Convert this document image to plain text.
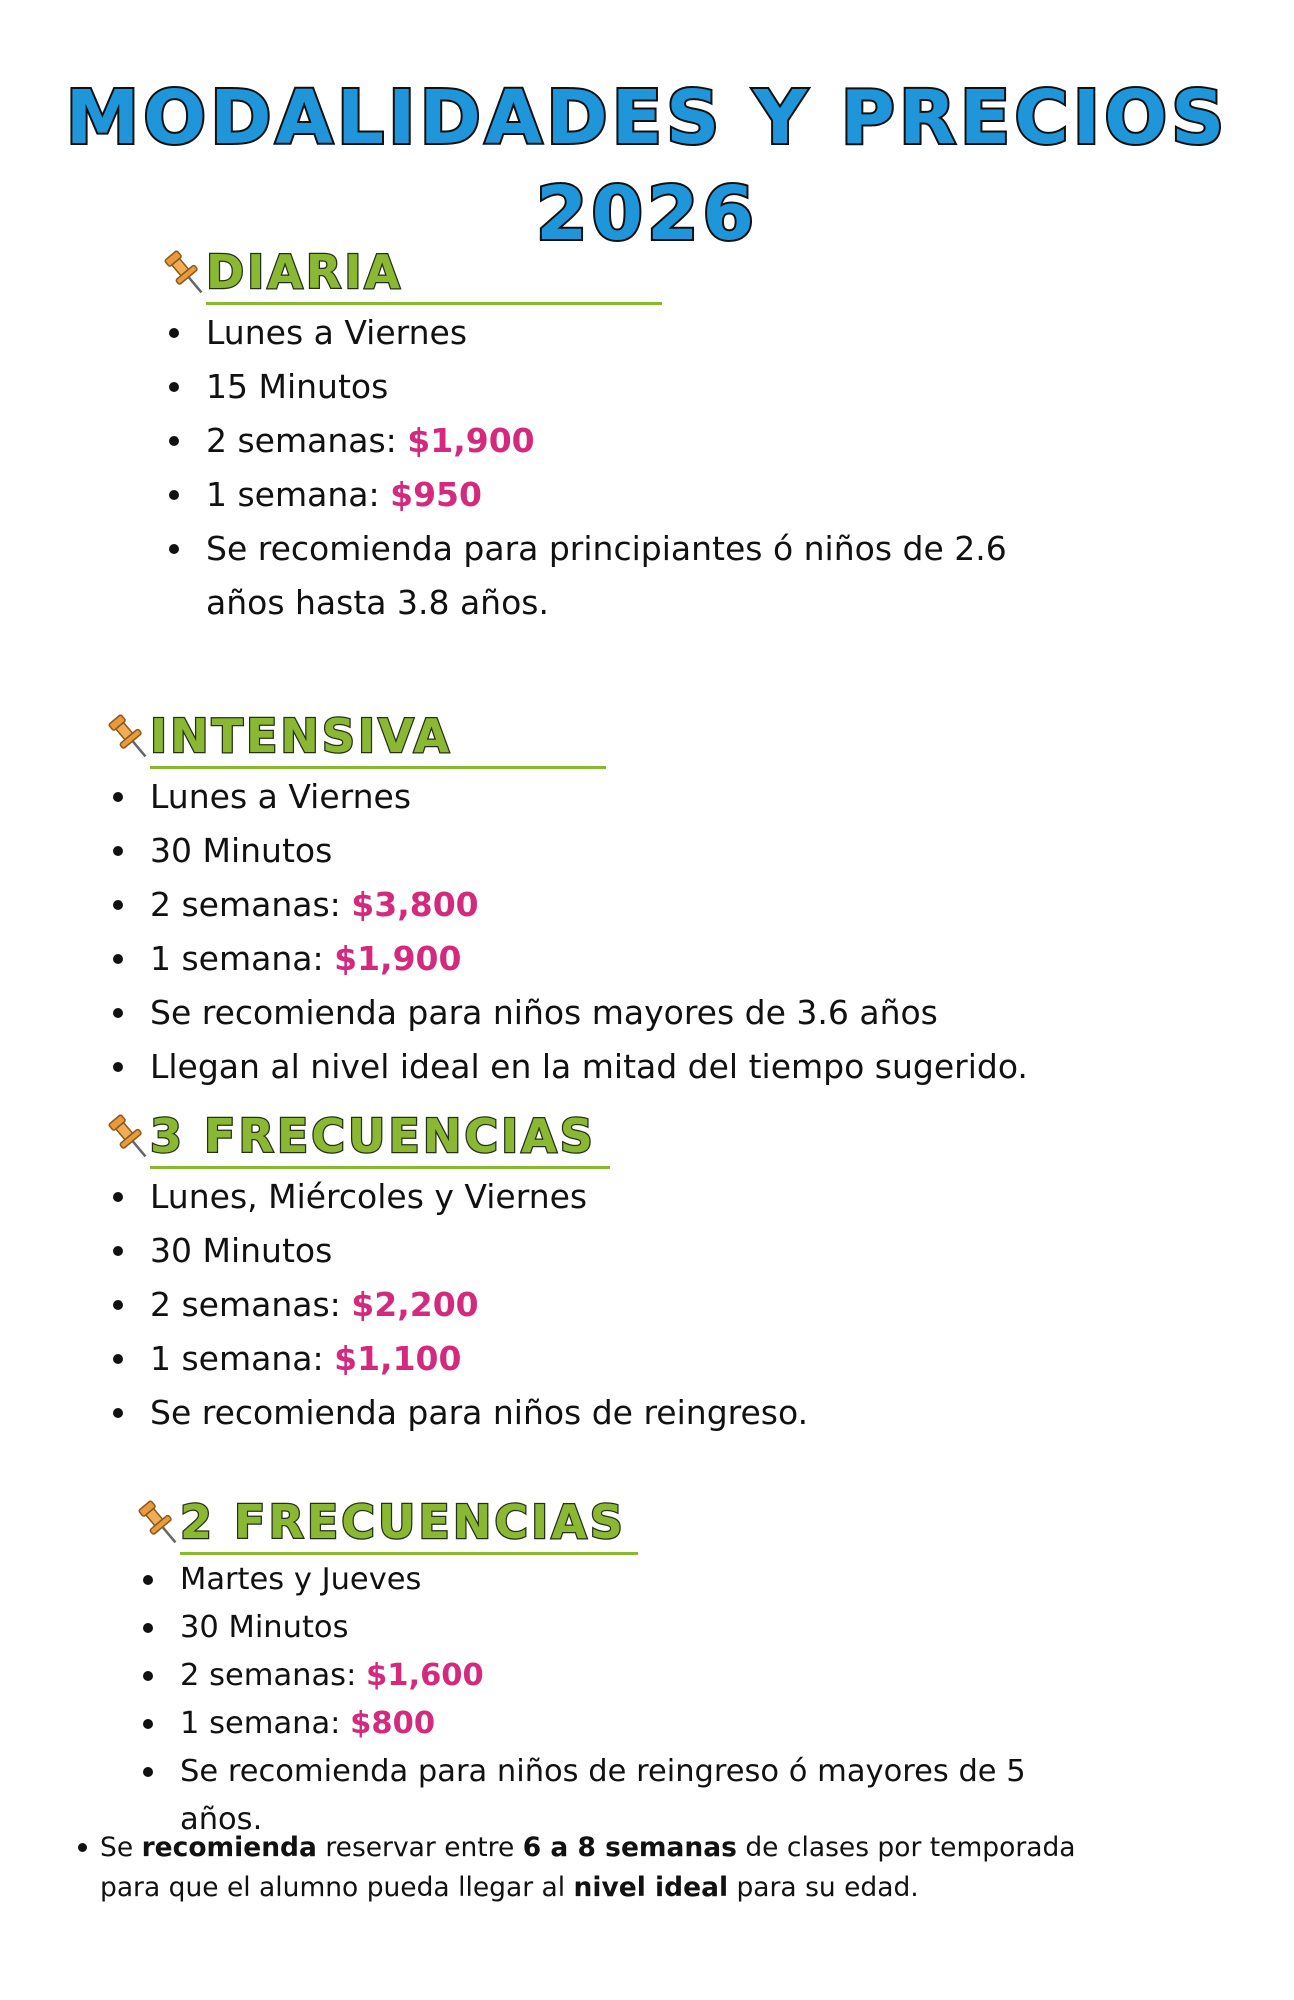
MODALIDADES Y PRECIOS
2026
DIARIA
Lunes a Viernes
15 Minutos
2 semanas: $1,900
1 semana: $950
Se recomienda para principiantes ó niños de 2.6
años hasta 3.8 años.
INTENSIVA
Lunes a Viernes
30 Minutos
2 semanas: $3,800
1 semana: $1,900
Se recomienda para niños mayores de 3.6 años
Llegan al nivel ideal en la mitad del tiempo sugerido.
3 FRECUENCIAS
Lunes, Miércoles y Viernes
30 Minutos
2 semanas: $2,200
1 semana: $1,100
Se recomienda para niños de reingreso.
2 FRECUENCIAS
Martes y Jueves
30 Minutos
2 semanas: $1,600
1 semana: $800
Se recomienda para niños de reingreso ó mayores de 5
años.
Se recomienda reservar entre 6 a 8 semanas de clases por temporada
para que el alumno pueda llegar al nivel ideal para su edad.
